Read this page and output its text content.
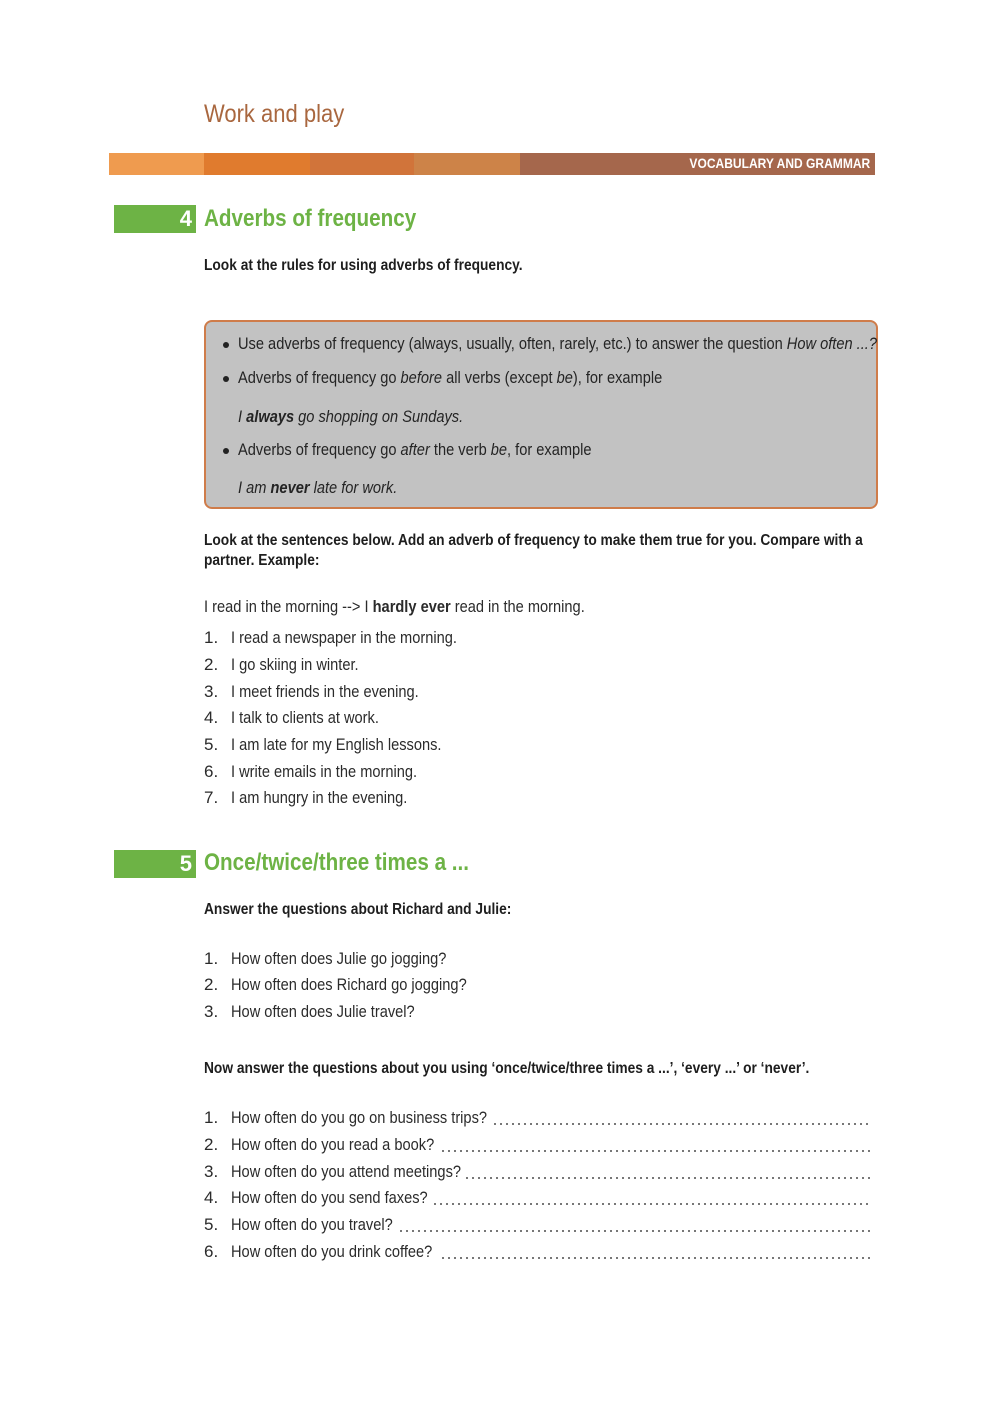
Work and play
VOCABULARY AND GRAMMAR
4 Adverbs of frequency
Look at the rules for using adverbs of frequency.
Use adverbs of frequency (always, usually, often, rarely, etc.) to answer the question How often ...?
Adverbs of frequency go before all verbs (except be), for example
I always go shopping on Sundays.
Adverbs of frequency go after the verb be, for example
I am never late for work.
Look at the sentences below. Add an adverb of frequency to make them true for you. Compare with a partner. Example:
I read in the morning --> I hardly ever read in the morning.
1. I read a newspaper in the morning.
2. I go skiing in winter.
3. I meet friends in the evening.
4. I talk to clients at work.
5. I am late for my English lessons.
6. I write emails in the morning.
7. I am hungry in the evening.
5 Once/twice/three times a ...
Answer the questions about Richard and Julie:
1. How often does Julie go jogging?
2. How often does Richard go jogging?
3. How often does Julie travel?
Now answer the questions about you using ‘once/twice/three times a ...’, ‘every ...’ or ‘never’.
1. How often do you go on business trips?
2. How often do you read a book?
3. How often do you attend meetings?
4. How often do you send faxes?
5. How often do you travel?
6. How often do you drink coffee?
